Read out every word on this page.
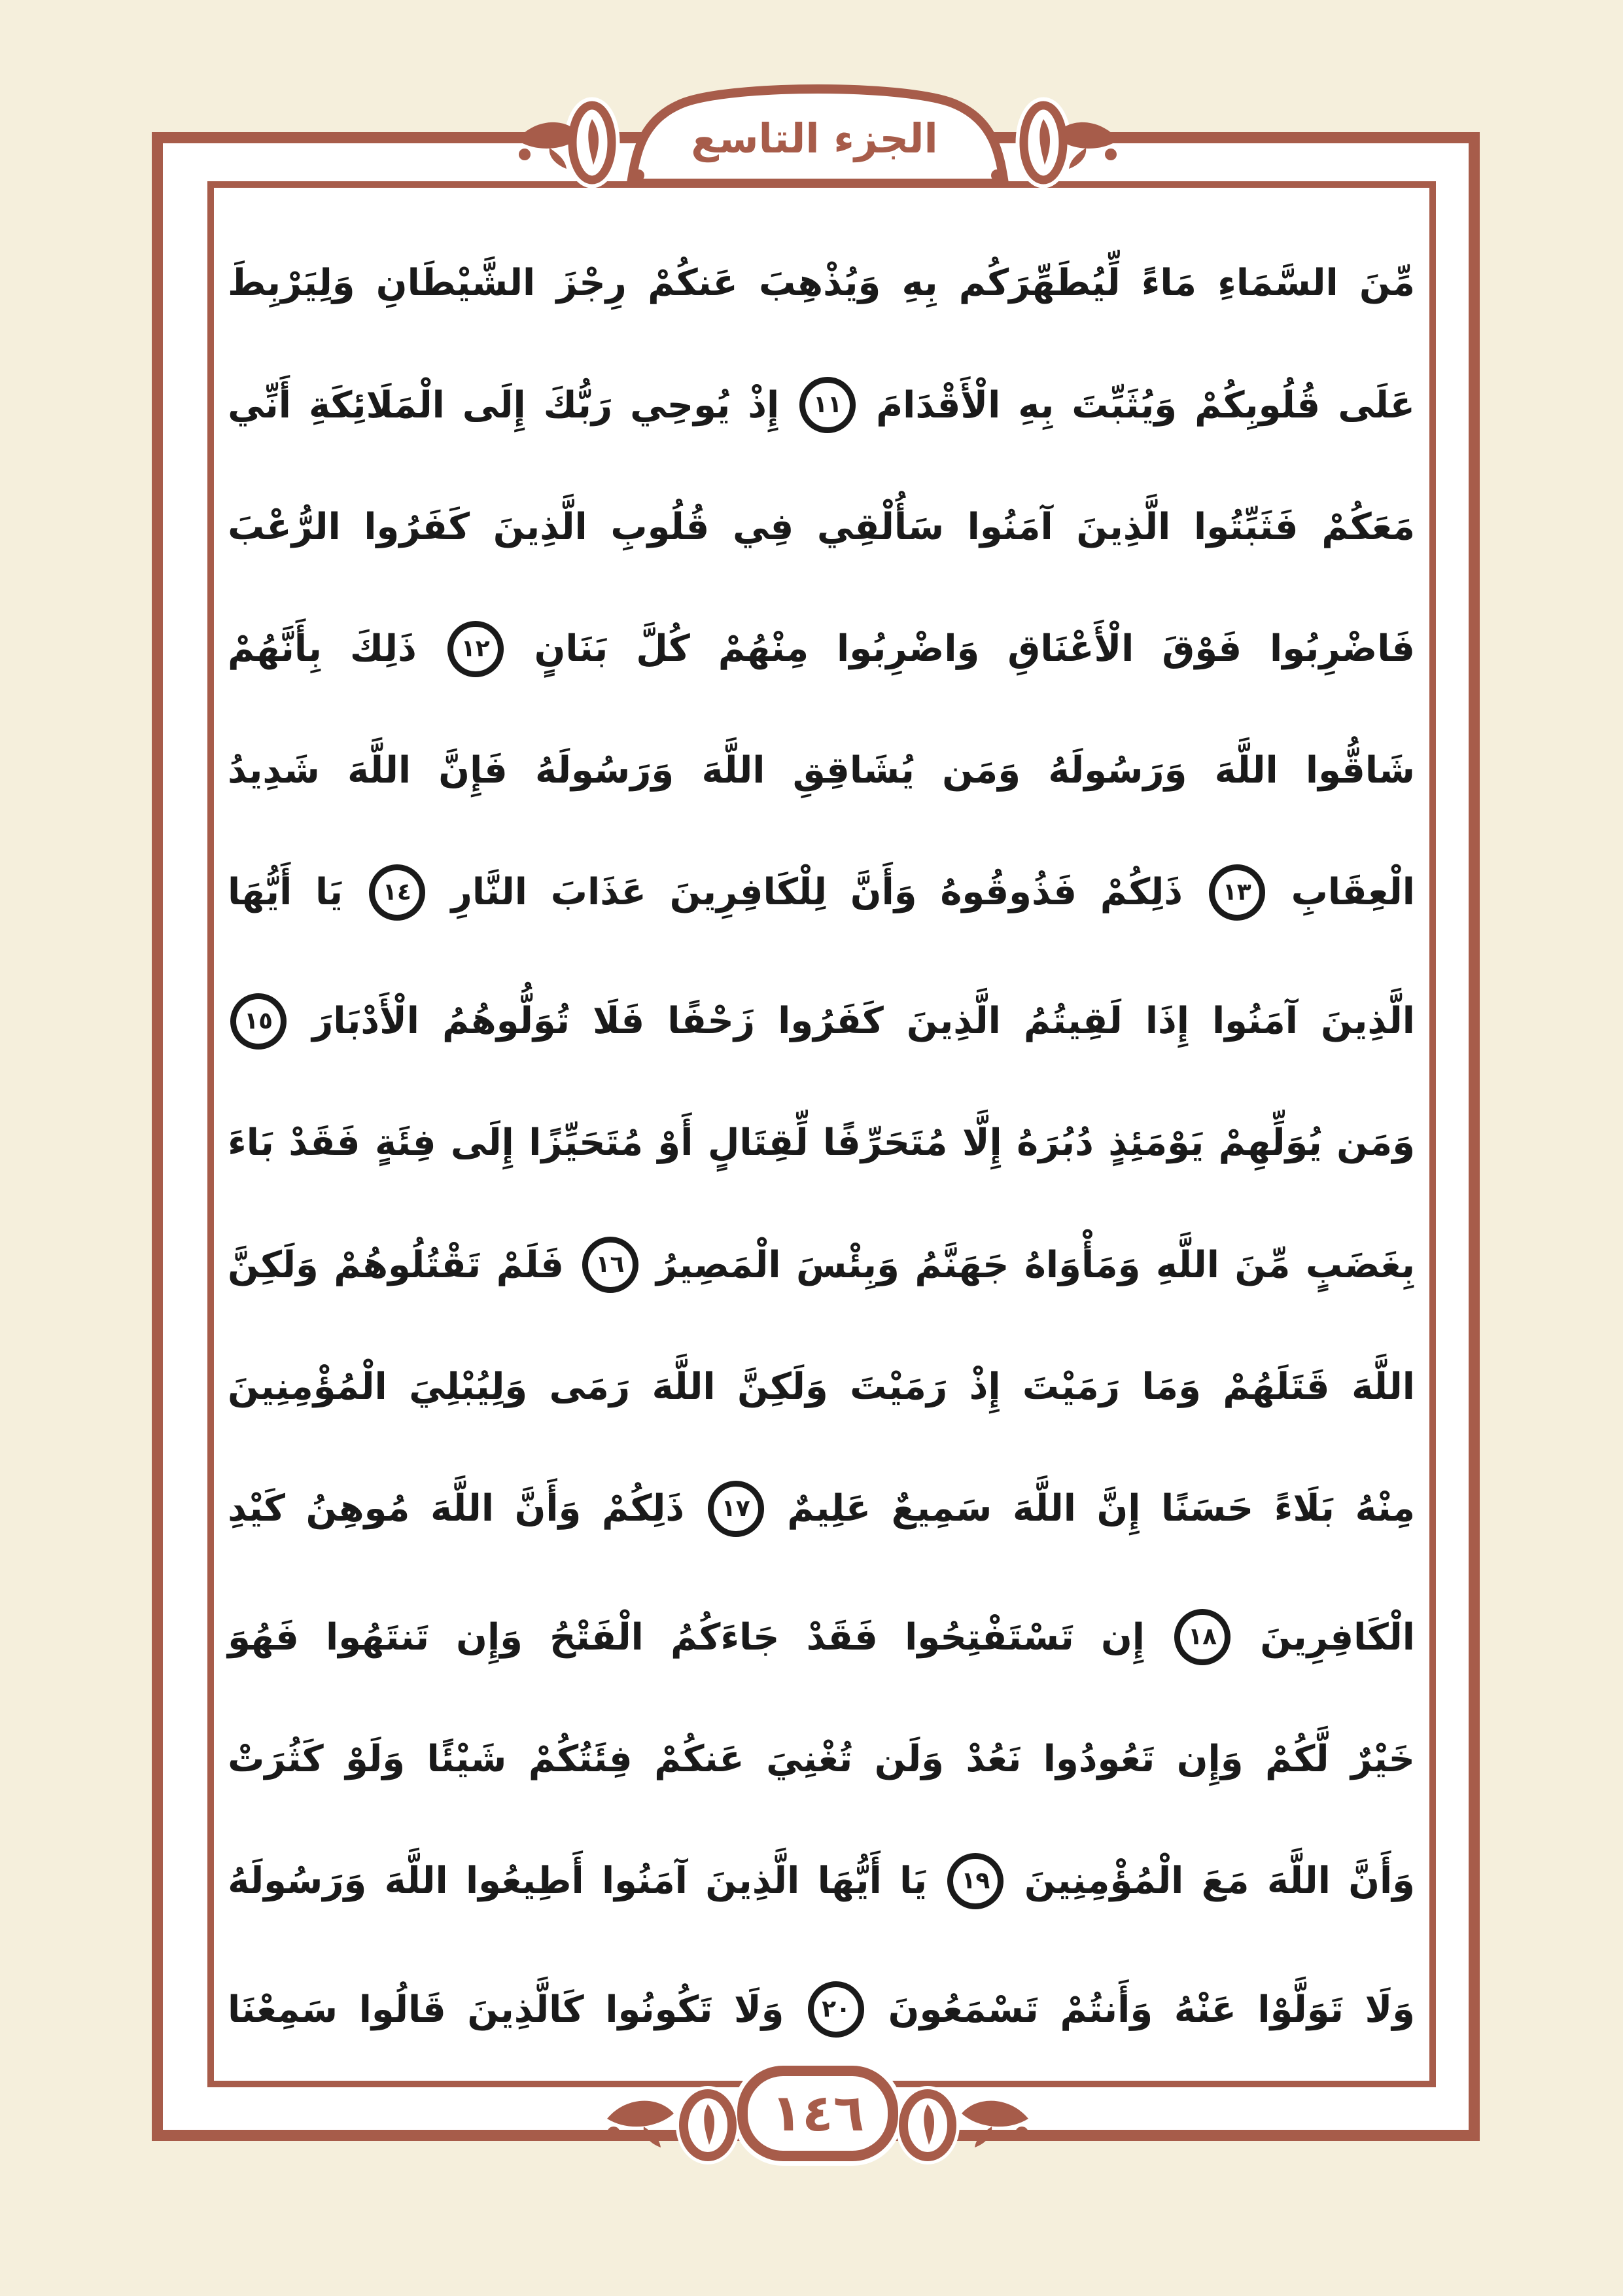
الجزء التاسع
مِّنَ
السَّمَاءِ
مَاءً
لِّيُطَهِّرَكُم
بِهِ
وَيُذْهِبَ
عَنكُمْ
رِجْزَ
الشَّيْطَانِ
وَلِيَرْبِطَ
عَلَى
قُلُوبِكُمْ
وَيُثَبِّتَ
بِهِ
الْأَقْدَامَ
١١
إِذْ
يُوحِي
رَبُّكَ
إِلَى
الْمَلَائِكَةِ
أَنِّي
مَعَكُمْ
فَثَبِّتُوا
الَّذِينَ
آمَنُوا
سَأُلْقِي
فِي
قُلُوبِ
الَّذِينَ
كَفَرُوا
الرُّعْبَ
فَاضْرِبُوا
فَوْقَ
الْأَعْنَاقِ
وَاضْرِبُوا
مِنْهُمْ
كُلَّ
بَنَانٍ
١٢
ذَلِكَ
بِأَنَّهُمْ
شَاقُّوا
اللَّهَ
وَرَسُولَهُ
وَمَن
يُشَاقِقِ
اللَّهَ
وَرَسُولَهُ
فَإِنَّ
اللَّهَ
شَدِيدُ
الْعِقَابِ
١٣
ذَلِكُمْ
فَذُوقُوهُ
وَأَنَّ
لِلْكَافِرِينَ
عَذَابَ
النَّارِ
١٤
يَا
أَيُّهَا
الَّذِينَ
آمَنُوا
إِذَا
لَقِيتُمُ
الَّذِينَ
كَفَرُوا
زَحْفًا
فَلَا
تُوَلُّوهُمُ
الْأَدْبَارَ
١٥
وَمَن
يُوَلِّهِمْ
يَوْمَئِذٍ
دُبُرَهُ
إِلَّا
مُتَحَرِّفًا
لِّقِتَالٍ
أَوْ
مُتَحَيِّزًا
إِلَى
فِئَةٍ
فَقَدْ
بَاءَ
بِغَضَبٍ
مِّنَ
اللَّهِ
وَمَأْوَاهُ
جَهَنَّمُ
وَبِئْسَ
الْمَصِيرُ
١٦
فَلَمْ
تَقْتُلُوهُمْ
وَلَكِنَّ
اللَّهَ
قَتَلَهُمْ
وَمَا
رَمَيْتَ
إِذْ
رَمَيْتَ
وَلَكِنَّ
اللَّهَ
رَمَى
وَلِيُبْلِيَ
الْمُؤْمِنِينَ
مِنْهُ
بَلَاءً
حَسَنًا
إِنَّ
اللَّهَ
سَمِيعٌ
عَلِيمٌ
١٧
ذَلِكُمْ
وَأَنَّ
اللَّهَ
مُوهِنُ
كَيْدِ
الْكَافِرِينَ
١٨
إِن
تَسْتَفْتِحُوا
فَقَدْ
جَاءَكُمُ
الْفَتْحُ
وَإِن
تَنتَهُوا
فَهُوَ
خَيْرٌ
لَّكُمْ
وَإِن
تَعُودُوا
نَعُدْ
وَلَن
تُغْنِيَ
عَنكُمْ
فِئَتُكُمْ
شَيْئًا
وَلَوْ
كَثُرَتْ
وَأَنَّ
اللَّهَ
مَعَ
الْمُؤْمِنِينَ
١٩
يَا
أَيُّهَا
الَّذِينَ
آمَنُوا
أَطِيعُوا
اللَّهَ
وَرَسُولَهُ
وَلَا
تَوَلَّوْا
عَنْهُ
وَأَنتُمْ
تَسْمَعُونَ
٢٠
وَلَا
تَكُونُوا
كَالَّذِينَ
قَالُوا
سَمِعْنَا
١٤٦
